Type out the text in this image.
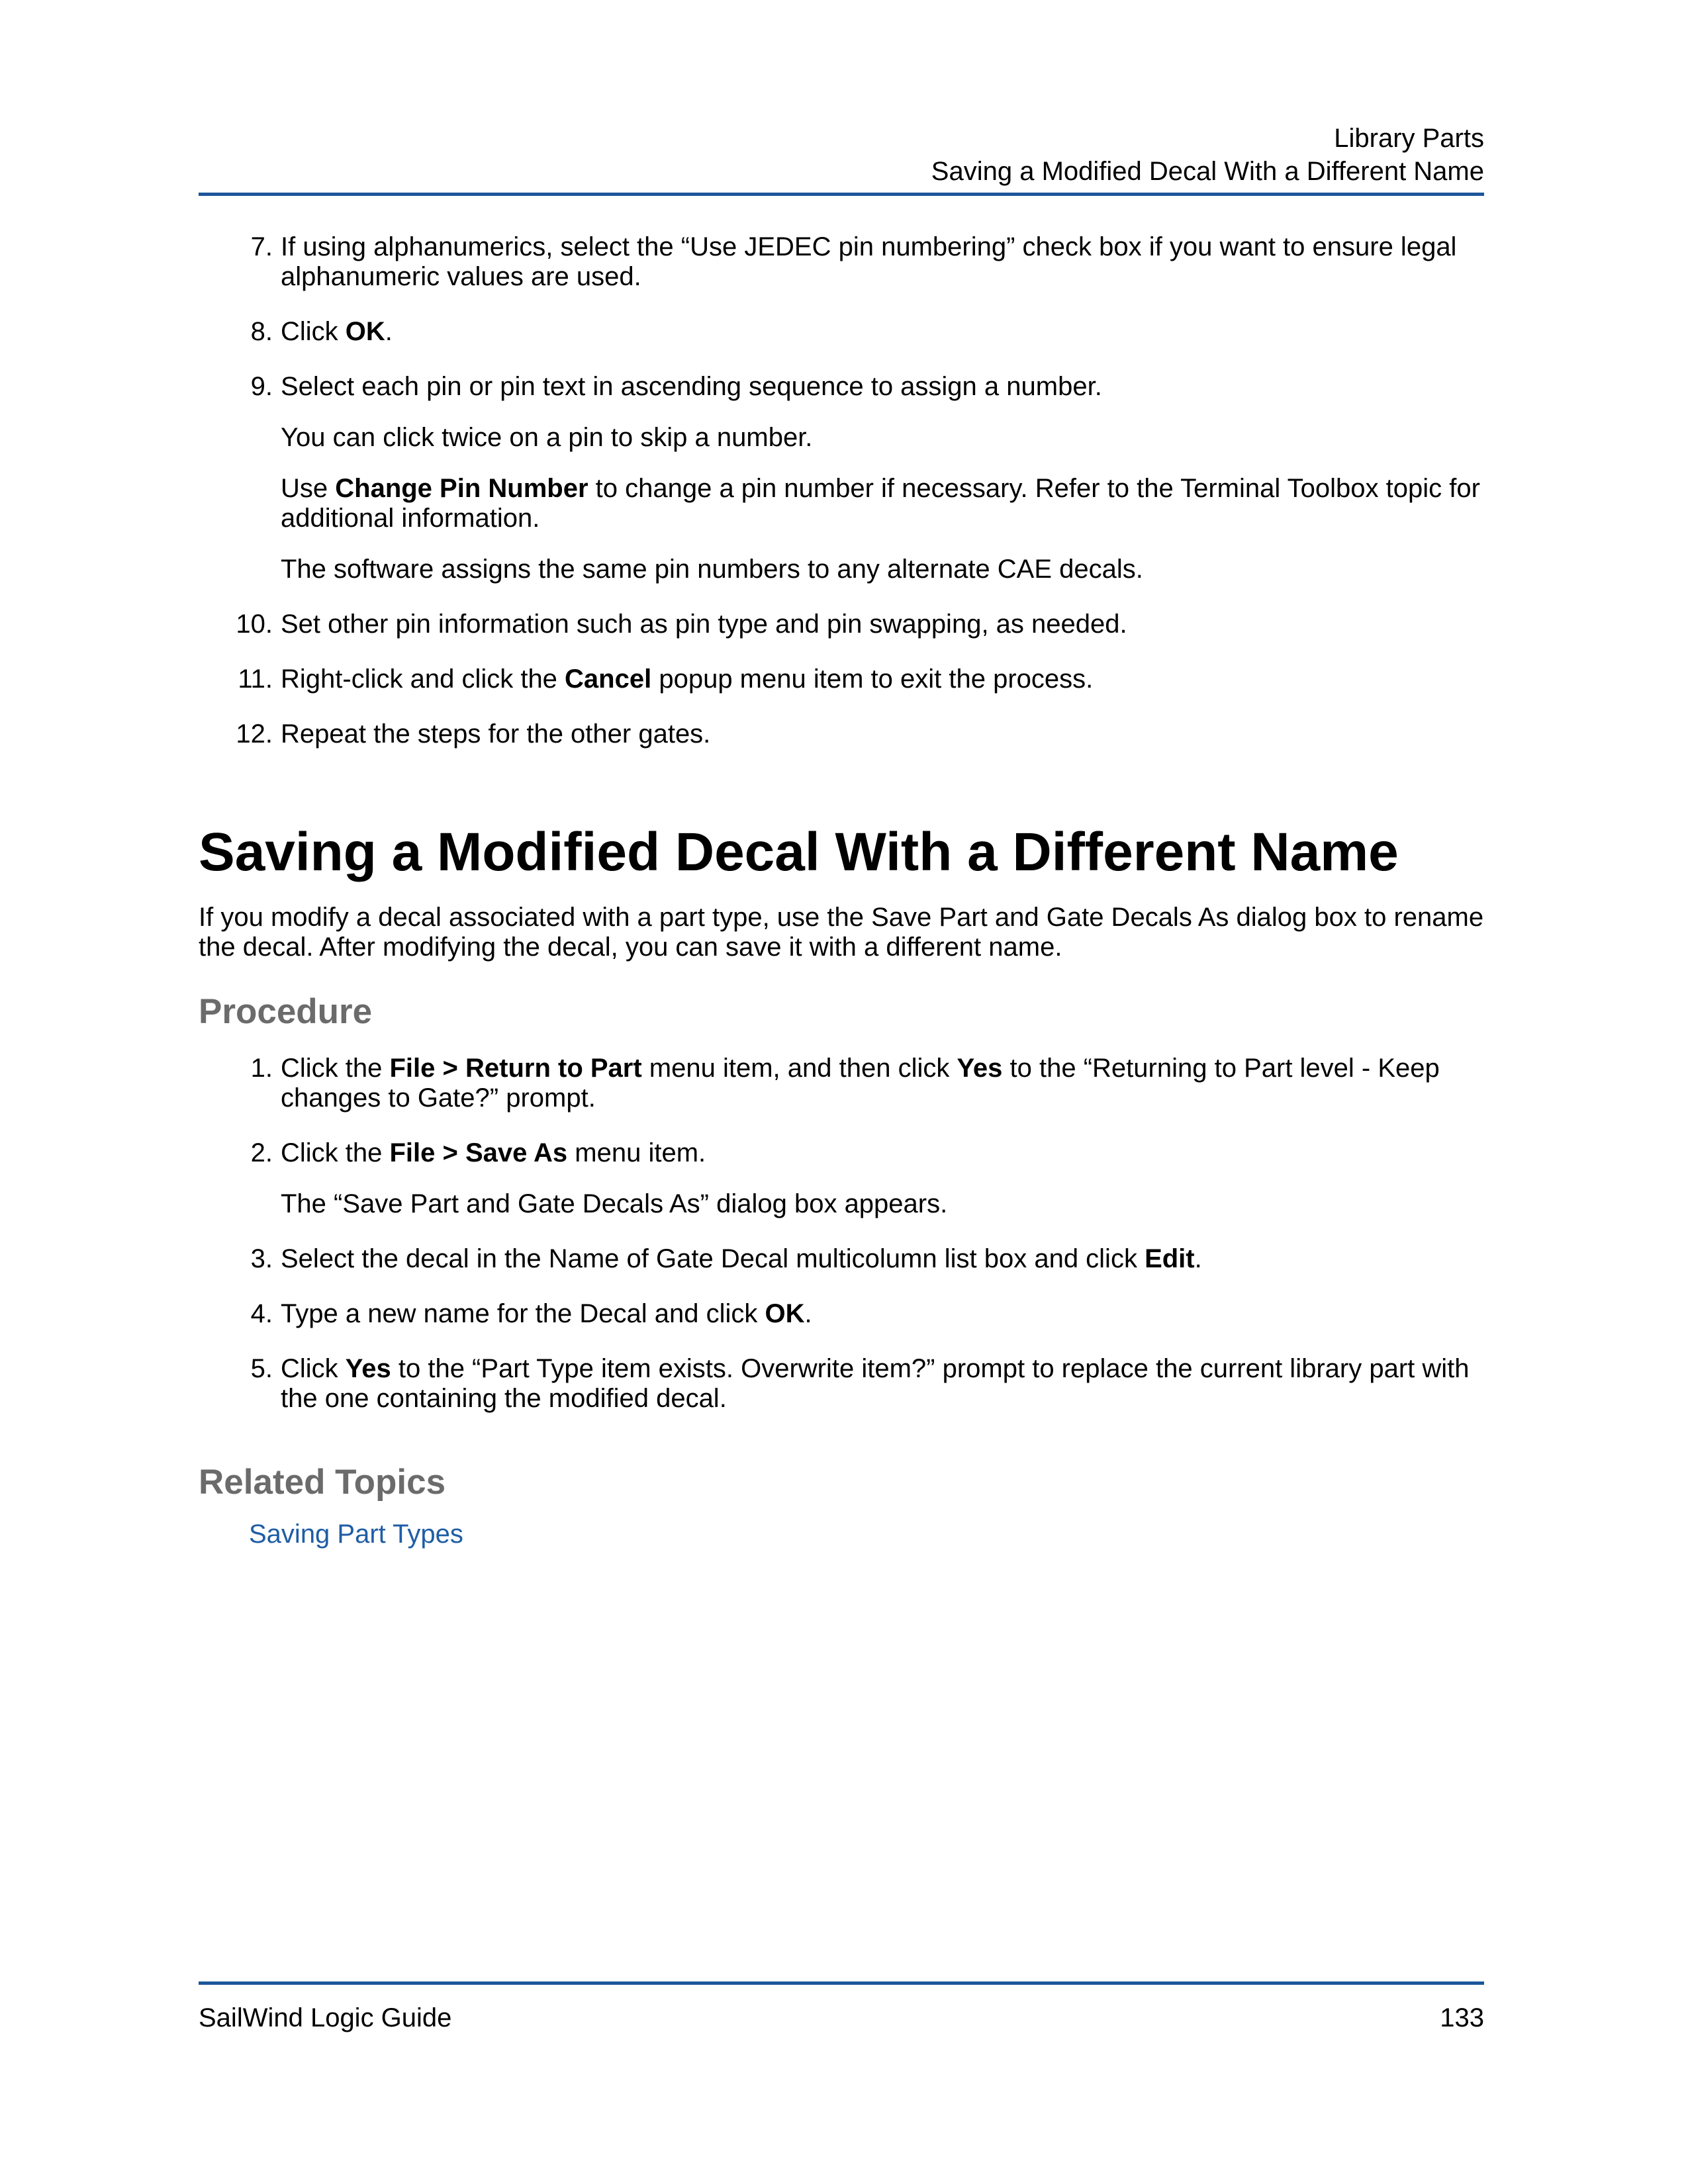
Library Parts
Saving a Modified Decal With a Different Name
7. If using alphanumerics, select the “Use JEDEC pin numbering” check box if you want to ensure legal alphanumeric values are used.

8. Click OK.

9. Select each pin or pin text in ascending sequence to assign a number.

You can click twice on a pin to skip a number.

Use Change Pin Number to change a pin number if necessary. Refer to the Terminal Toolbox topic for additional information.

The software assigns the same pin numbers to any alternate CAE decals.

10. Set other pin information such as pin type and pin swapping, as needed.

11. Right-click and click the Cancel popup menu item to exit the process.

12. Repeat the steps for the other gates.

Saving a Modified Decal With a Different Name

If you modify a decal associated with a part type, use the Save Part and Gate Decals As dialog box to rename the decal. After modifying the decal, you can save it with a different name.

Procedure
1. Click the File > Return to Part menu item, and then click Yes to the “Returning to Part level - Keep changes to Gate?” prompt.

2. Click the File > Save As menu item.

The “Save Part and Gate Decals As” dialog box appears.

3. Select the decal in the Name of Gate Decal multicolumn list box and click Edit.

4. Type a new name for the Decal and click OK.

5. Click Yes to the “Part Type item exists. Overwrite item?” prompt to replace the current library part with the one containing the modified decal.

Related Topics
Saving Part Types
SailWind Logic Guide	133
